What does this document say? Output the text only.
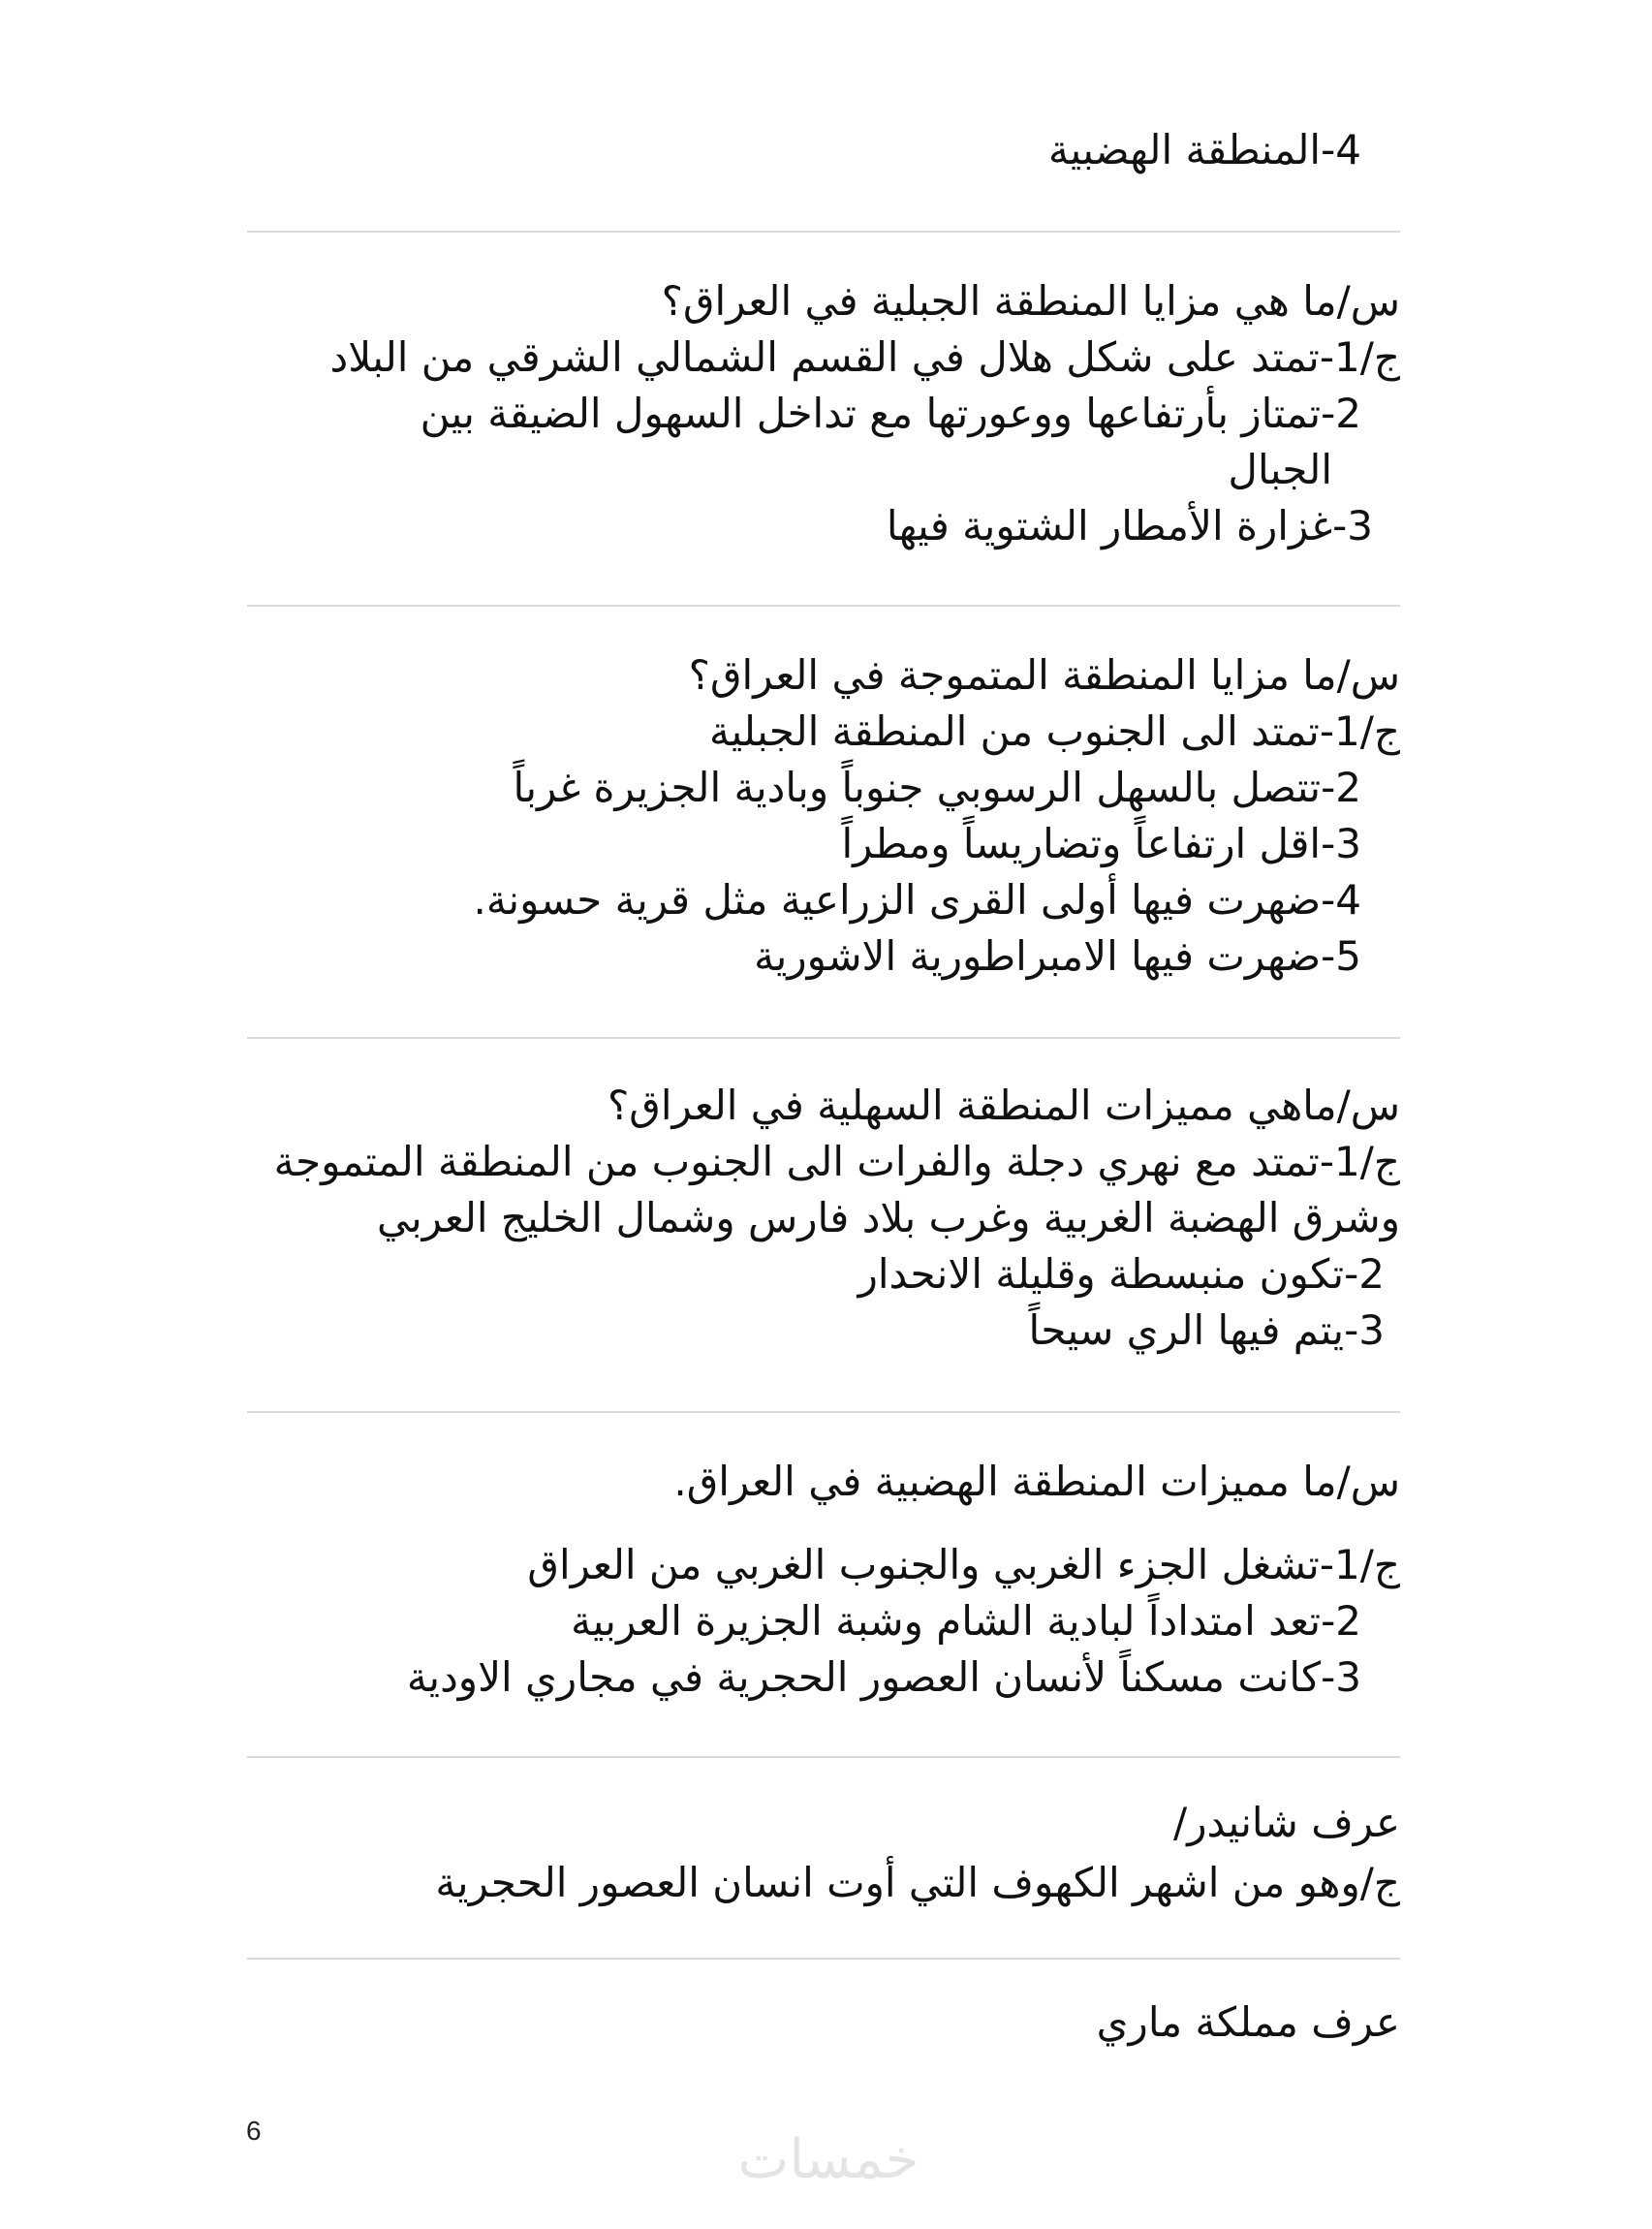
4-المنطقة الهضبية
س/ما هي مزايا المنطقة الجبلية في العراق؟
ج/1-تمتد على شكل هلال في القسم الشمالي الشرقي من البلاد
2-تمتاز بأرتفاعها ووعورتها مع تداخل السهول الضيقة بين
الجبال
3-غزارة الأمطار الشتوية فيها
س/ما مزايا المنطقة المتموجة في العراق؟
ج/1-تمتد الى الجنوب من المنطقة الجبلية
2-تتصل بالسهل الرسوبي جنوباً وبادية الجزيرة غرباً
3-اقل ارتفاعاً وتضاريساً ومطراً
4-ضهرت فيها أولى القرى الزراعية مثل قرية حسونة.
5-ضهرت فيها الامبراطورية الاشورية
س/ماهي مميزات المنطقة السهلية في العراق؟
ج/1-تمتد مع نهري دجلة والفرات الى الجنوب من المنطقة المتموجة
وشرق الهضبة الغربية وغرب بلاد فارس وشمال الخليج العربي
2-تكون منبسطة وقليلة الانحدار
3-يتم فيها الري سيحاً
س/ما مميزات المنطقة الهضبية في العراق.
ج/1-تشغل الجزء الغربي والجنوب الغربي من العراق
2-تعد امتداداً لبادية الشام وشبة الجزيرة العربية
3-كانت مسكناً لأنسان العصور الحجرية في مجاري الاودية
عرف شانيدر/
ج/وهو من اشهر الكهوف التي أوت انسان العصور الحجرية
عرف مملكة ماري
6	خمسات
